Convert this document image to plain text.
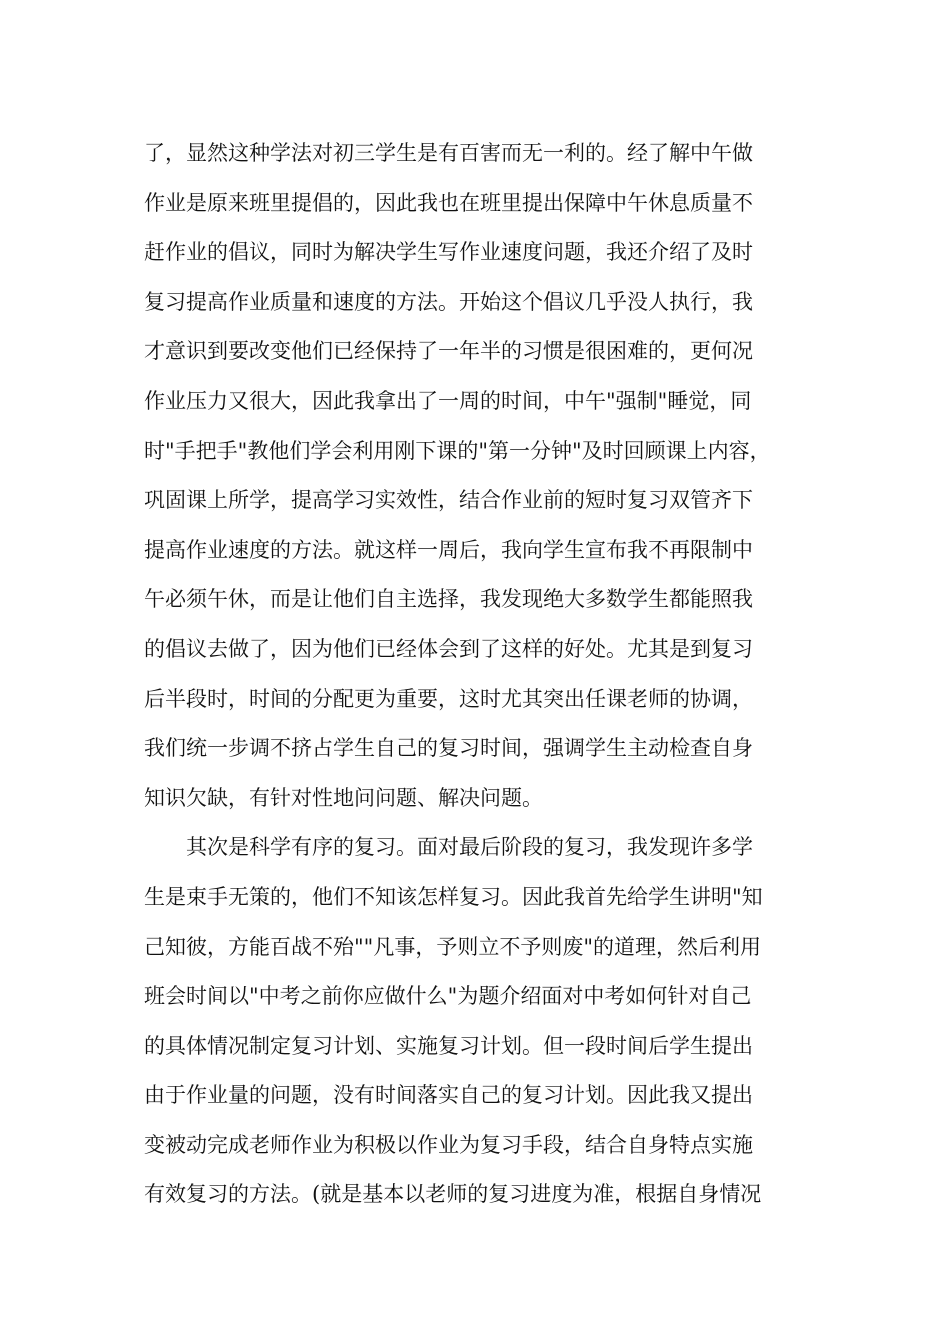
了，显然这种学法对初三学生是有百害而无一利的。经了解中午做
作业是原来班里提倡的，因此我也在班里提出保障中午休息质量不
赶作业的倡议，同时为解决学生写作业速度问题，我还介绍了及时
复习提高作业质量和速度的方法。开始这个倡议几乎没人执行，我
才意识到要改变他们已经保持了一年半的习惯是很困难的，更何况
作业压力又很大，因此我拿出了一周的时间，中午"强制"睡觉，同
时"手把手"教他们学会利用刚下课的"第一分钟"及时回顾课上内容，
巩固课上所学，提高学习实效性，结合作业前的短时复习双管齐下
提高作业速度的方法。就这样一周后，我向学生宣布我不再限制中
午必须午休，而是让他们自主选择，我发现绝大多数学生都能照我
的倡议去做了，因为他们已经体会到了这样的好处。尤其是到复习
后半段时，时间的分配更为重要，这时尤其突出任课老师的协调，
我们统一步调不挤占学生自己的复习时间，强调学生主动检查自身
知识欠缺，有针对性地问问题、解决问题。
　　其次是科学有序的复习。面对最后阶段的复习，我发现许多学
生是束手无策的，他们不知该怎样复习。因此我首先给学生讲明"知
己知彼，方能百战不殆""凡事，予则立不予则废"的道理，然后利用
班会时间以"中考之前你应做什么"为题介绍面对中考如何针对自己
的具体情况制定复习计划、实施复习计划。但一段时间后学生提出
由于作业量的问题，没有时间落实自己的复习计划。因此我又提出
变被动完成老师作业为积极以作业为复习手段，结合自身特点实施
有效复习的方法。(就是基本以老师的复习进度为准，根据自身情况
